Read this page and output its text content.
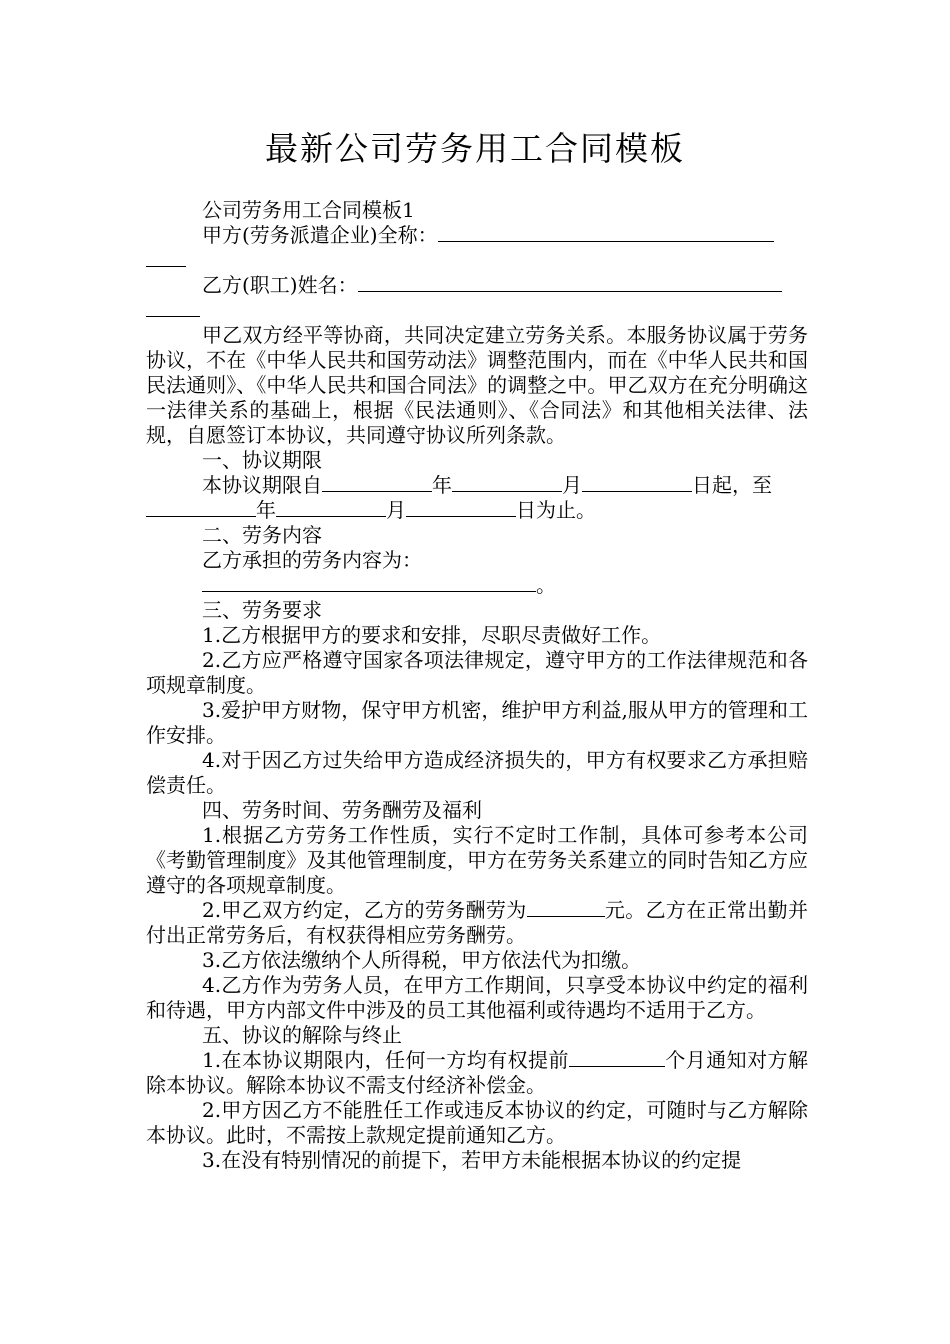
最新公司劳务用工合同模板

公司劳务用工合同模板1

甲方(劳务派遣企业)全称：

乙方(职工)姓名：

甲乙双方经平等协商，共同决定建立劳务关系。本服务协议属于劳务协议，不在《中华人民共和国劳动法》调整范围内，而在《中华人民共和国民法通则》、《中华人民共和国合同法》的调整之中。甲乙双方在充分明确这一法律关系的基础上，根据《民法通则》、《合同法》和其他相关法律、法规，自愿签订本协议，共同遵守协议所列条款。

一、协议期限

本协议期限自	年	月	日起，至

年	月	日为止。

二、劳务内容

乙方承担的劳务内容为：

。

三、劳务要求

1.乙方根据甲方的要求和安排，尽职尽责做好工作。

2.乙方应严格遵守国家各项法律规定，遵守甲方的工作法律规范和各项规章制度。

3.爱护甲方财物，保守甲方机密，维护甲方利益,服从甲方的管理和工作安排。

4.对于因乙方过失给甲方造成经济损失的，甲方有权要求乙方承担赔偿责任。

四、劳务时间、劳务酬劳及福利

1.根据乙方劳务工作性质，实行不定时工作制，具体可参考本公司《考勤管理制度》及其他管理制度，甲方在劳务关系建立的同时告知乙方应遵守的各项规章制度。

2.甲乙双方约定，乙方的劳务酬劳为	元。乙方在正常出勤并付出正常劳务后，有权获得相应劳务酬劳。

3.乙方依法缴纳个人所得税，甲方依法代为扣缴。

4.乙方作为劳务人员，在甲方工作期间，只享受本协议中约定的福利和待遇，甲方内部文件中涉及的员工其他福利或待遇均不适用于乙方。

五、协议的解除与终止

1.在本协议期限内，任何一方均有权提前	个月通知对方解除本协议。解除本协议不需支付经济补偿金。

2.甲方因乙方不能胜任工作或违反本协议的约定，可随时与乙方解除本协议。此时，不需按上款规定提前通知乙方。

3.在没有特别情况的前提下，若甲方未能根据本协议的约定提
